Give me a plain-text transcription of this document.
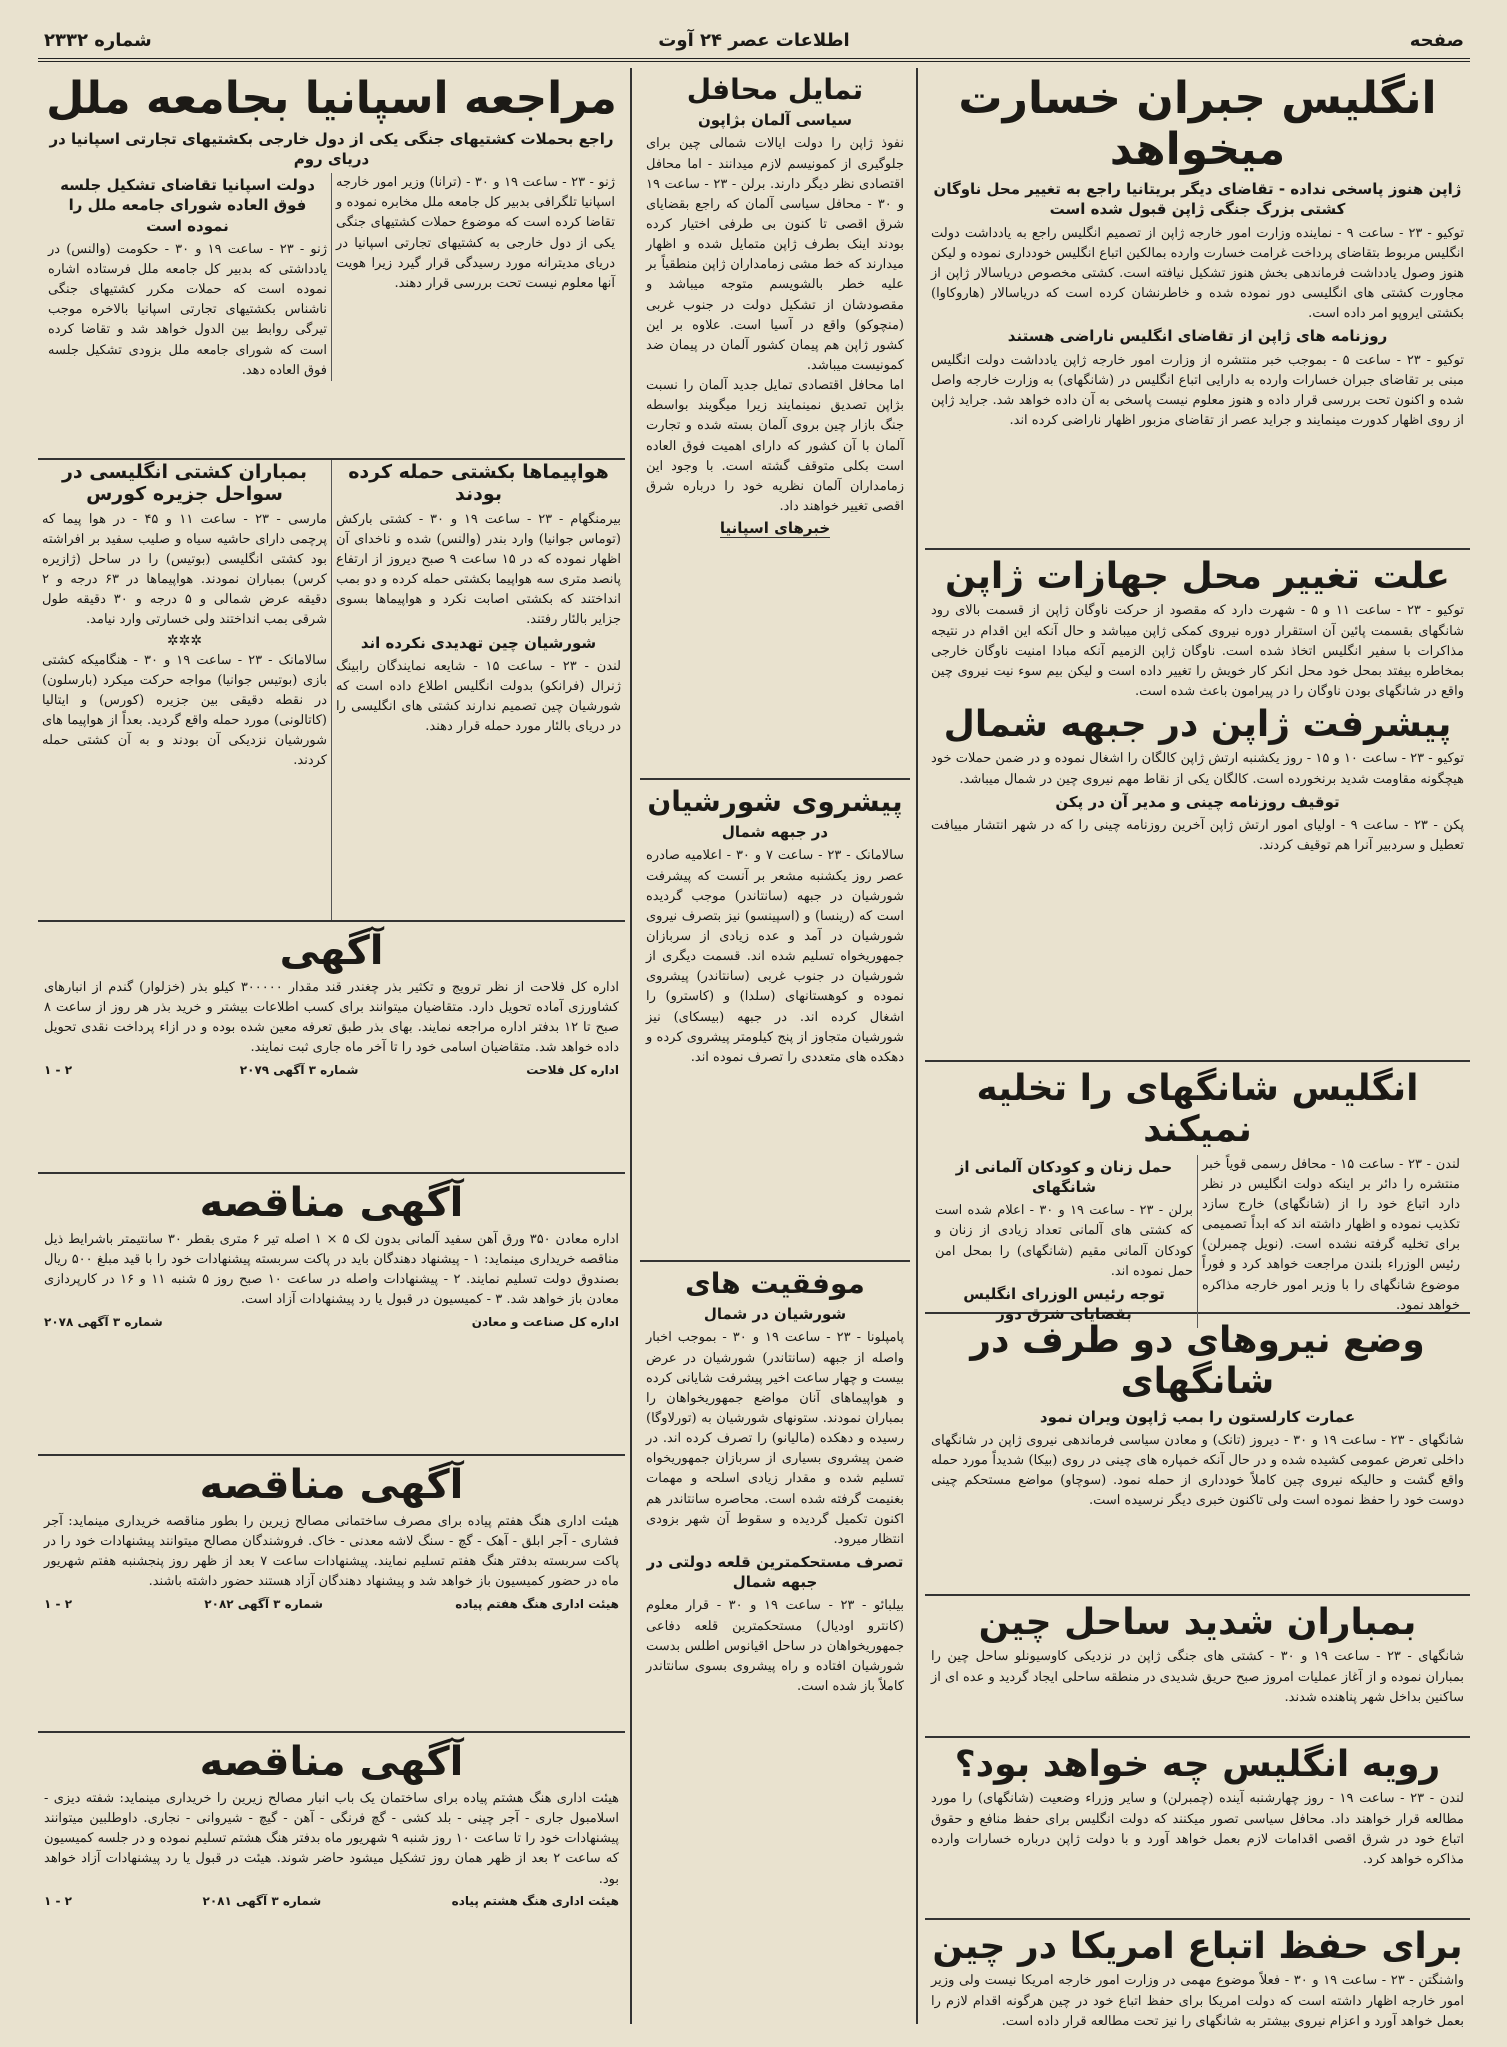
صفحه
اطلاعات عصر ۲۴ آوت
شماره ۲۳۳۲
انگلیس جبران خسارت میخواهد
ژاپن هنوز پاسخی نداده - تقاضای دیگر بریتانیا راجع به تغییر محل ناوگان کشتی بزرگ جنگی ژاپن قبول شده است

توکیو - ۲۳ - ساعت ۹ - نماینده وزارت امور خارجه ژاپن از تصمیم انگلیس راجع به یادداشت دولت انگلیس مربوط بتقاضای پرداخت غرامت خسارت وارده بمالکین اتباع انگلیس خودداری نموده و لیکن هنوز وصول یادداشت فرماندهی بخش هنوز تشکیل نیافته است. کشتی مخصوص دریاسالار ژاپن از مجاورت کشتی های انگلیسی دور نموده شده و خاطرنشان کرده است که دریاسالار (هاروکاوا) بکشتی ایروپو امر داده است.

روزنامه های ژاپن از تقاضای انگلیس ناراضی هستند

توکیو - ۲۳ - ساعت ۵ - بموجب خبر منتشره از وزارت امور خارجه ژاپن یادداشت دولت انگلیس مبنی بر تقاضای جبران خسارات وارده به دارایی اتباع انگلیس در (شانگهای) به وزارت خارجه واصل شده و اکنون تحت بررسی قرار داده و هنوز معلوم نیست پاسخی به آن داده خواهد شد. جراید ژاپن از روی اظهار کدورت مینمایند و جراید عصر از تقاضای مزبور اظهار ناراضی کرده اند.

علت تغییر محل جهازات ژاپن

توکیو - ۲۳ - ساعت ۱۱ و ۵ - شهرت دارد که مقصود از حرکت ناوگان ژاپن از قسمت بالای رود شانگهای بقسمت پائین آن استقرار دوره نیروی کمکی ژاپن میباشد و حال آنکه این اقدام در نتیجه مذاکرات با سفیر انگلیس اتخاذ شده است. ناوگان ژاپن الزمیم آنکه مبادا امنیت ناوگان خارجی بمخاطره بیفتد بمحل خود محل انکر کار خویش را تغییر داده است و لیکن بیم سوء نیت نیروی چین واقع در شانگهای بودن ناوگان را در پیرامون باعث شده است.

پیشرفت ژاپن در جبهه شمال

توکیو - ۲۳ - ساعت ۱۰ و ۱۵ - روز یکشنبه ارتش ژاپن کالگان را اشغال نموده و در ضمن حملات خود هیچگونه مقاومت شدید برنخورده است. کالگان یکی از نقاط مهم نیروی چین در شمال میباشد.

توقیف روزنامه چینی و مدیر آن در پکن

پکن - ۲۳ - ساعت ۹ - اولیای امور ارتش ژاپن آخرین روزنامه چینی را که در شهر انتشار مییافت تعطیل و سردبیر آنرا هم توقیف کردند.

انگلیس شانگهای را تخلیه نمیکند

لندن - ۲۳ - ساعت ۱۵ - محافل رسمی قویاً خبر منتشره را دائر بر اینکه دولت انگلیس در نظر دارد اتباع خود را از (شانگهای) خارج سازد تکذیب نموده و اظهار داشته اند که ابداً تصمیمی برای تخلیه گرفته نشده است. (نویل چمبرلن) رئیس الوزراء بلندن مراجعت خواهد کرد و فوراً موضوع شانگهای را با وزیر امور خارجه مذاکره خواهد نمود.

حمل زنان و کودکان آلمانی از شانگهای

برلن - ۲۳ - ساعت ۱۹ و ۳۰ - اعلام شده است که کشتی های آلمانی تعداد زیادی از زنان و کودکان آلمانی مقیم (شانگهای) را بمحل امن حمل نموده اند.

توجه رئیس الوزرای انگلیس بقضایای شرق دور
وضع نیروهای دو طرف در شانگهای
عمارت کارلستون را بمب ژاپون ویران نمود

شانگهای - ۲۳ - ساعت ۱۹ و ۳۰ - دیروز (تانک) و معادن سیاسی فرماندهی نیروی ژاپن در شانگهای داخلی تعرض عمومی کشیده شده و در حال آنکه خمپاره های چینی در روی (بیکا) شدیداً مورد حمله واقع گشت و حالیکه نیروی چین کاملاً خودداری از حمله نمود. (سوچاو) مواضع مستحکم چینی دوست خود را حفظ نموده است ولی تاکنون خبری دیگر نرسیده است.

بمباران شدید ساحل چین

شانگهای - ۲۳ - ساعت ۱۹ و ۳۰ - کشتی های جنگی ژاپن در نزدیکی کاوسیونلو ساحل چین را بمباران نموده و از آغاز عملیات امروز صبح حریق شدیدی در منطقه ساحلی ایجاد گردید و عده ای از ساکنین بداخل شهر پناهنده شدند.

رویه انگلیس چه خواهد بود؟

لندن - ۲۳ - ساعت ۱۹ - روز چهارشنبه آینده (چمبرلن) و سایر وزراء وضعیت (شانگهای) را مورد مطالعه قرار خواهند داد. محافل سیاسی تصور میکنند که دولت انگلیس برای حفظ منافع و حقوق اتباع خود در شرق اقصی اقدامات لازم بعمل خواهد آورد و با دولت ژاپن درباره خسارات وارده مذاکره خواهد کرد.

برای حفظ اتباع امریکا در چین

واشنگتن - ۲۳ - ساعت ۱۹ و ۳۰ - فعلاً موضوع مهمی در وزارت امور خارجه امریکا نیست ولی وزیر امور خارجه اظهار داشته است که دولت امریکا برای حفظ اتباع خود در چین هرگونه اقدام لازم را بعمل خواهد آورد و اعزام نیروی بیشتر به شانگهای را نیز تحت مطالعه قرار داده است.

تمایل محافل
سیاسی آلمان بژاپون

نفوذ ژاپن را دولت ایالات شمالی چین برای جلوگیری از کمونیسم لازم میدانند - اما محافل اقتصادی نظر دیگر دارند. برلن - ۲۳ - ساعت ۱۹ و ۳۰ - محافل سیاسی آلمان که راجع بقضایای شرق اقصی تا کنون بی طرفی اختیار کرده بودند اینک بطرف ژاپن متمایل شده و اظهار میدارند که خط مشی زمامداران ژاپن منطقیاً بر علیه خطر بالشویسم متوجه میباشد و مقصودشان از تشکیل دولت در جنوب غربی (منچوکو) واقع در آسیا است. علاوه بر این کشور ژاپن هم پیمان کشور آلمان در پیمان ضد کمونیست میباشد.

اما محافل اقتصادی تمایل جدید آلمان را نسبت بژاپن تصدیق نمینمایند زیرا میگویند بواسطه جنگ بازار چین بروی آلمان بسته شده و تجارت آلمان با آن کشور که دارای اهمیت فوق العاده است بکلی متوقف گشته است. با وجود این زمامداران آلمان نظریه خود را درباره شرق اقصی تغییر خواهند داد.

خبرهای اسپانیا
پیشروی شورشیان
در جبهه شمال

سالامانک - ۲۳ - ساعت ۷ و ۳۰ - اعلامیه صادره عصر روز یکشنبه مشعر بر آنست که پیشرفت شورشیان در جبهه (سانتاندر) موجب گردیده است که (رینسا) و (اسپینسو) نیز بتصرف نیروی شورشیان در آمد و عده زیادی از سربازان جمهوریخواه تسلیم شده اند. قسمت دیگری از شورشیان در جنوب غربی (سانتاندر) پیشروی نموده و کوهستانهای (سلدا) و (کاسترو) را اشغال کرده اند. در جبهه (بیسکای) نیز شورشیان متجاوز از پنج کیلومتر پیشروی کرده و دهکده های متعددی را تصرف نموده اند.

موفقیت های
شورشیان در شمال

پامپلونا - ۲۳ - ساعت ۱۹ و ۳۰ - بموجب اخبار واصله از جبهه (سانتاندر) شورشیان در عرض بیست و چهار ساعت اخیر پیشرفت شایانی کرده و هواپیماهای آنان مواضع جمهوریخواهان را بمباران نمودند. ستونهای شورشیان به (تورلاوگا) رسیده و دهکده (مالیانو) را تصرف کرده اند. در ضمن پیشروی بسیاری از سربازان جمهوریخواه تسلیم شده و مقدار زیادی اسلحه و مهمات بغنیمت گرفته شده است. محاصره سانتاندر هم اکنون تکمیل گردیده و سقوط آن شهر بزودی انتظار میرود.

تصرف مستحکمترین قلعه دولتی در جبهه شمال

بیلبائو - ۲۳ - ساعت ۱۹ و ۳۰ - قرار معلوم (کانترو اودیال) مستحکمترین قلعه دفاعی جمهوریخواهان در ساحل اقیانوس اطلس بدست شورشیان افتاده و راه پیشروی بسوی سانتاندر کاملاً باز شده است.

مراجعه اسپانیا بجامعه ملل
راجع بحملات کشتیهای جنگی یکی از دول خارجی بکشتیهای تجارتی اسپانیا در دریای روم

ژنو - ۲۳ - ساعت ۱۹ و ۳۰ - (ترانا) وزیر امور خارجه اسپانیا تلگرافی بدبیر کل جامعه ملل مخابره نموده و تقاضا کرده است که موضوع حملات کشتیهای جنگی یکی از دول خارجی به کشتیهای تجارتی اسپانیا در دریای مدیترانه مورد رسیدگی قرار گیرد زیرا هویت آنها معلوم نیست تحت بررسی قرار دهند.

دولت اسپانیا تقاضای تشکیل جلسه فوق العاده شورای جامعه ملل را نموده است

ژنو - ۲۳ - ساعت ۱۹ و ۳۰ - حکومت (والنس) در یادداشتی که بدبیر کل جامعه ملل فرستاده اشاره نموده است که حملات مکرر کشتیهای جنگی ناشناس بکشتیهای تجارتی اسپانیا بالاخره موجب تیرگی روابط بین الدول خواهد شد و تقاضا کرده است که شورای جامعه ملل بزودی تشکیل جلسه فوق العاده دهد.

هواپیماها بکشتی حمله کرده بودند

بیرمنگهام - ۲۳ - ساعت ۱۹ و ۳۰ - کشتی بارکش (توماس جوانیا) وارد بندر (والنس) شده و ناخدای آن اظهار نموده که در ۱۵ ساعت ۹ صبح دیروز از ارتفاع پانصد متری سه هواپیما بکشتی حمله کرده و دو بمب انداختند که بکشتی اصابت نکرد و هواپیماها بسوی جزایر بالئار رفتند.

شورشیان چین تهدیدی نکرده اند

لندن - ۲۳ - ساعت ۱۵ - شایعه نمایندگان رابینگ ژنرال (فرانکو) بدولت انگلیس اطلاع داده است که شورشیان چین تصمیم ندارند کشتی های انگلیسی را در دریای بالئار مورد حمله قرار دهند.

بمباران کشتی انگلیسی در سواحل جزیره کورس

مارسی - ۲۳ - ساعت ۱۱ و ۴۵ - در هوا پیما که پرچمی دارای حاشیه سیاه و صلیب سفید بر افراشته بود کشتی انگلیسی (بوتیس) را در ساحل (ژازیره کرس) بمباران نمودند. هواپیماها در ۶۳ درجه و ۲ دقیقه عرض شمالی و ۵ درجه و ۳۰ دقیقه طول شرقی بمب انداختند ولی خسارتی وارد نیامد.

✲✲✲

سالامانک - ۲۳ - ساعت ۱۹ و ۳۰ - هنگامیکه کشتی بازی (بوتیس جوانیا) مواجه حرکت میکرد (بارسلون) در نقطه دقیقی بین جزیره (کورس) و ایتالیا (کاتالونی) مورد حمله واقع گردید. بعداً از هواپیما های شورشیان نزدیکی آن بودند و به آن کشتی حمله کردند.

آگهی

اداره کل فلاحت از نظر ترویج و تکثیر بذر چغندر قند مقدار ۳۰۰۰۰۰ کیلو بذر (خزلوار) گندم از انبارهای کشاورزی آماده تحویل دارد. متقاضیان میتوانند برای کسب اطلاعات بیشتر و خرید بذر هر روز از ساعت ۸ صبح تا ۱۲ بدفتر اداره مراجعه نمایند. بهای بذر طبق تعرفه معین شده بوده و در ازاء پرداخت نقدی تحویل داده خواهد شد. متقاضیان اسامی خود را تا آخر ماه جاری ثبت نمایند.

اداره کل فلاحت
شماره ۳ آگهی ۲۰۷۹
۲ - ۱
آگهی مناقصه

اداره معادن ۳۵۰ ورق آهن سفید آلمانی بدون لک ۵ × ۱ اصله تیر ۶ متری بقطر ۳۰ سانتیمتر باشرایط ذیل مناقصه خریداری مینماید: ۱ - پیشنهاد دهندگان باید در پاکت سربسته پیشنهادات خود را با قید مبلغ ۵۰۰ ریال بصندوق دولت تسلیم نمایند. ۲ - پیشنهادات واصله در ساعت ۱۰ صبح روز ۵ شنبه ۱۱ و ۱۶ در کارپردازی معادن باز خواهد شد. ۳ - کمیسیون در قبول یا رد پیشنهادات آزاد است.

اداره کل صناعت و معادن
شماره ۳ آگهی ۲۰۷۸
آگهی مناقصه

هیئت اداری هنگ هفتم پیاده برای مصرف ساختمانی مصالح زیرین را بطور مناقصه خریداری مینماید: آجر فشاری - آجر ابلق - آهک - گچ - سنگ لاشه معدنی - خاک. فروشندگان مصالح میتوانند پیشنهادات خود را در پاکت سربسته بدفتر هنگ هفتم تسلیم نمایند. پیشنهادات ساعت ۷ بعد از ظهر روز پنجشنبه هفتم شهریور ماه در حضور کمیسیون باز خواهد شد و پیشنهاد دهندگان آزاد هستند حضور داشته باشند.

هیئت اداری هنگ هفتم پیاده
شماره ۳ آگهی ۲۰۸۲
۲ - ۱
آگهی مناقصه

هیئت اداری هنگ هشتم پیاده برای ساختمان یک باب انبار مصالح زیرین را خریداری مینماید: شفته دیزی - اسلامبول جاری - آجر چینی - بلد کشی - گچ فرنگی - آهن - گیچ - شیروانی - نجاری. داوطلبین میتوانند پیشنهادات خود را تا ساعت ۱۰ روز شنبه ۹ شهریور ماه بدفتر هنگ هشتم تسلیم نموده و در جلسه کمیسیون که ساعت ۲ بعد از ظهر همان روز تشکیل میشود حاضر شوند. هیئت در قبول یا رد پیشنهادات آزاد خواهد بود.

هیئت اداری هنگ هشتم پیاده
شماره ۳ آگهی ۲۰۸۱
۲ - ۱
